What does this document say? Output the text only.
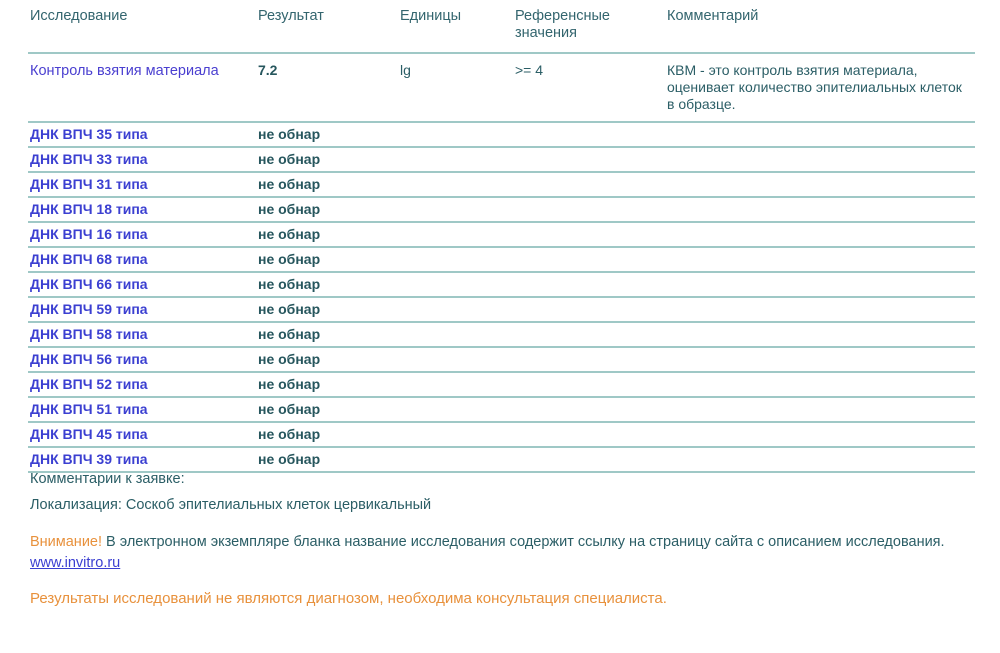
Исследование	Результат	Единицы	Референсные значения	Комментарий
Контроль взятия материала	7.2	lg	>= 4	КВМ - это контроль взятия материала, оценивает количество эпителиальных клеток в образце.
ДНК ВПЧ 35 типа	не обнар			
ДНК ВПЧ 33 типа	не обнар			
ДНК ВПЧ 31 типа	не обнар			
ДНК ВПЧ 18 типа	не обнар			
ДНК ВПЧ 16 типа	не обнар			
ДНК ВПЧ 68 типа	не обнар			
ДНК ВПЧ 66 типа	не обнар			
ДНК ВПЧ 59 типа	не обнар			
ДНК ВПЧ 58 типа	не обнар			
ДНК ВПЧ 56 типа	не обнар			
ДНК ВПЧ 52 типа	не обнар			
ДНК ВПЧ 51 типа	не обнар			
ДНК ВПЧ 45 типа	не обнар			
ДНК ВПЧ 39 типа	не обнар			
Комментарии к заявке:
Локализация: Соскоб эпителиальных клеток цервикальный
Внимание! В электронном экземпляре бланка название исследования содержит ссылку на страницу сайта с описанием исследования.
www.invitro.ru
Результаты исследований не являются диагнозом, необходима консультация специалиста.
